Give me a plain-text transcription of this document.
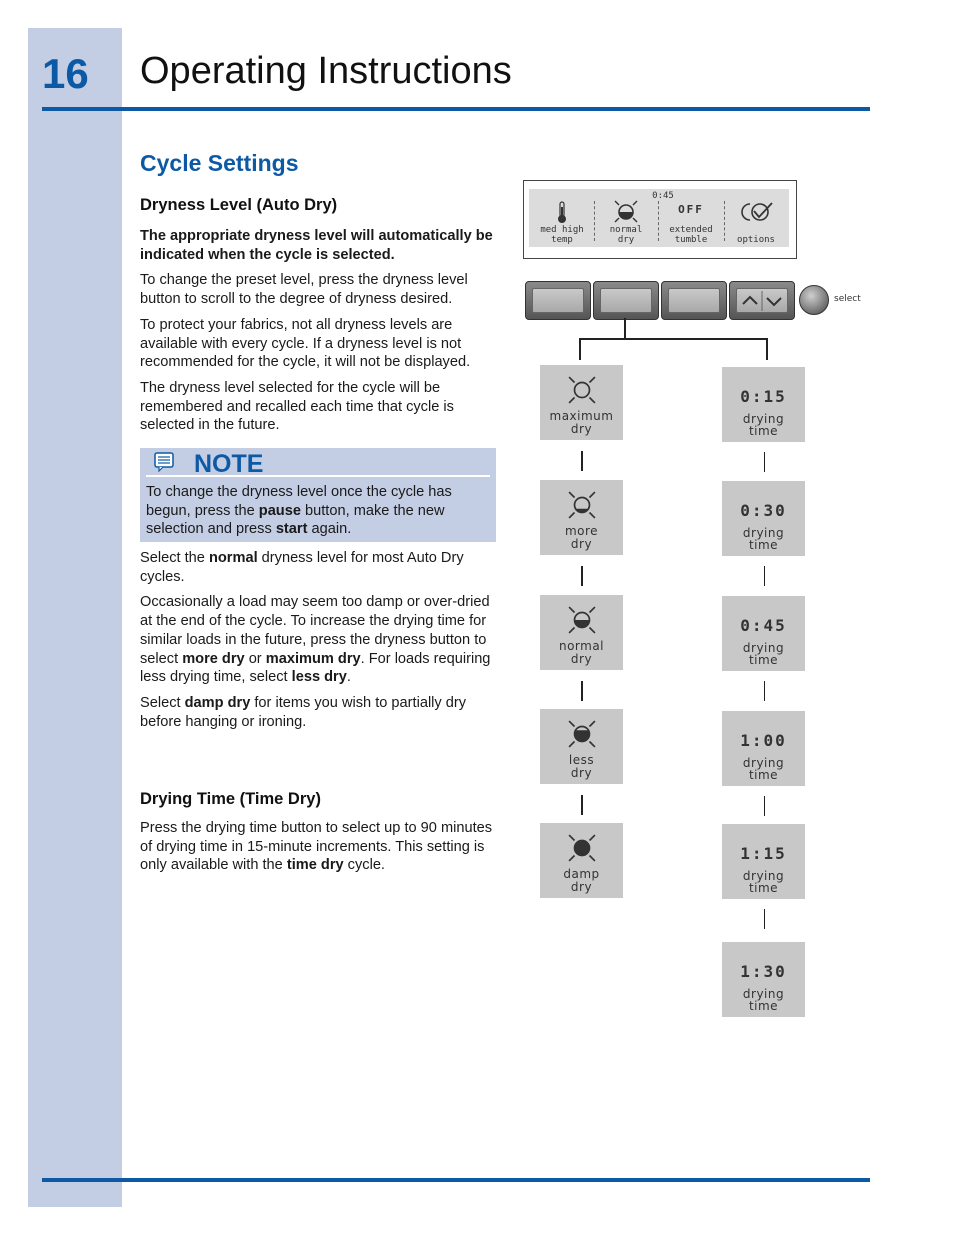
16 Operating Instructions
Cycle Settings
Dryness Level (Auto Dry)

The appropriate dryness level will automatically be indicated when the cycle is selected.

To change the preset level, press the dryness level button to scroll to the degree of dryness desired.

To protect your fabrics, not all dryness levels are available with every cycle. If a dryness level is not recommended for the cycle, it will not be displayed.

The dryness level selected for the cycle will be remembered and recalled each time that cycle is selected in the future.

NOTE
To change the dryness level once the cycle has begun, press the pause button, make the new selection and press start again.

Select the normal dryness level for most Auto Dry cycles.

Occasionally a load may seem too damp or over-dried at the end of the cycle. To increase the drying time for similar loads in the future, press the dryness button to select more dry or maximum dry. For loads requiring less drying time, select less dry.

Select damp dry for items you wish to partially dry before hanging or ironing.

Drying Time (Time Dry)

Press the drying time button to select up to 90 minutes of drying time in 15-minute increments. This setting is only available with the time dry cycle.

0:45
med high
temp
normal
dry
OFF
extended
tumble	options
select
maximum
dry
more
dry
normal
dry
less
dry
damp
dry
0:15
drying
time
0:30
drying
time
0:45
drying
time
1:00
drying
time
1:15
drying
time
1:30
drying
time
